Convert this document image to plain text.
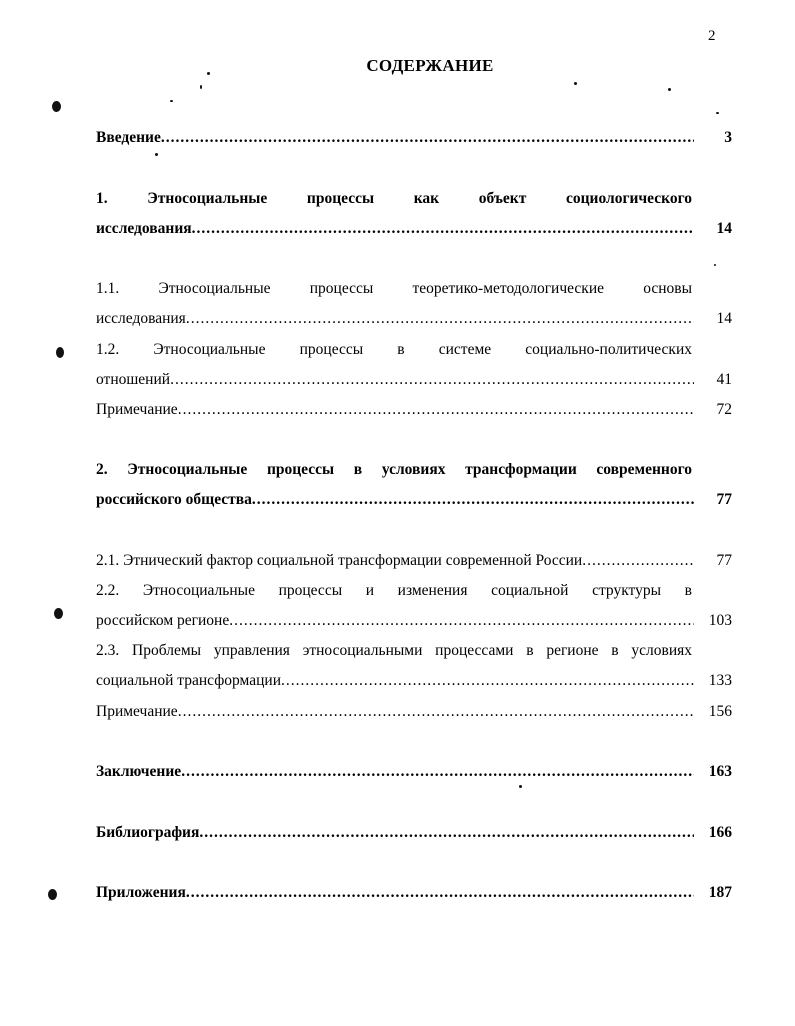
2
СОДЕРЖАНИЕ
Введение .....	3
1. Этносоциальные процессы как объект социологического
исследования .....	14
1.1. Этносоциальные процессы теоретико-методологические основы
исследования .....	14
1.2. Этносоциальные процессы в системе социально-политических
отношений .....	41
Примечание .....	72
2. Этносоциальные процессы в условиях трансформации современного
российского общества .....	77
2.1. Этнический фактор социальной трансформации современной России .....	77
2.2. Этносоциальные процессы и изменения социальной структуры в
российском регионе .....	103
2.3. Проблемы управления этносоциальными процессами в регионе в условиях
социальной трансформации .....	133
Примечание .....	156
Заключение .....	163
Библиография .....	166
Приложения .....	187
